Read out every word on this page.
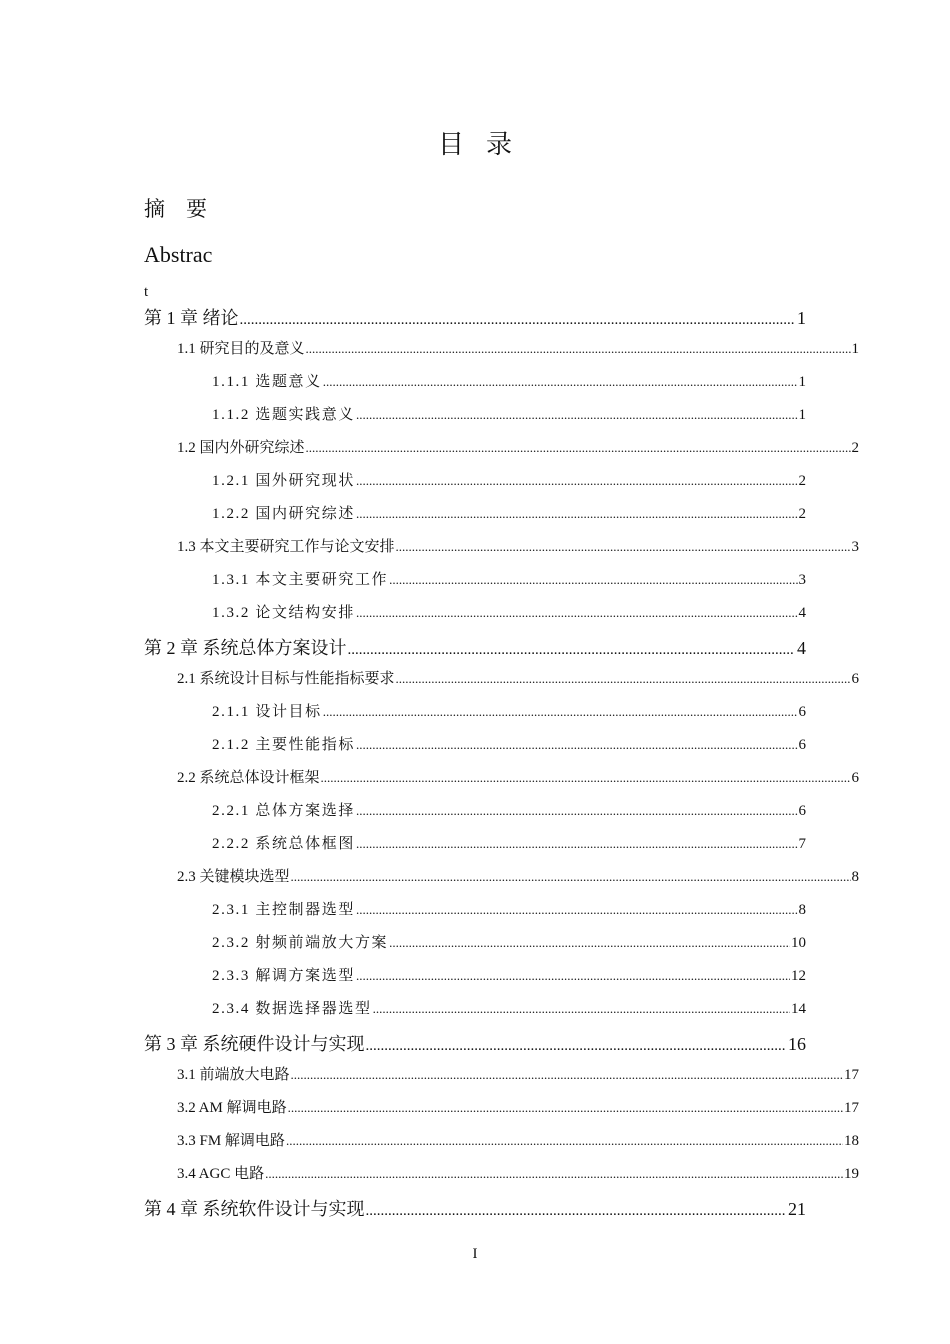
目录
摘　要
Abstrac
t
第 1 章 绪论 .....	1
1.1 研究目的及意义 .....	1
1.1.1 选题意义 .....	1
1.1.2 选题实践意义 .....	1
1.2 国内外研究综述 .....	2
1.2.1 国外研究现状 .....	2
1.2.2 国内研究综述 .....	2
1.3 本文主要研究工作与论文安排 .....	3
1.3.1 本文主要研究工作 .....	3
1.3.2 论文结构安排 .....	4
第 2 章 系统总体方案设计 .....	4
2.1 系统设计目标与性能指标要求 .....	6
2.1.1 设计目标 .....	6
2.1.2 主要性能指标 .....	6
2.2 系统总体设计框架 .....	6
2.2.1 总体方案选择 .....	6
2.2.2 系统总体框图 .....	7
2.3 关键模块选型 .....	8
2.3.1 主控制器选型 .....	8
2.3.2 射频前端放大方案 .....	10
2.3.3 解调方案选型 .....	12
2.3.4 数据选择器选型 .....	14
第 3 章 系统硬件设计与实现 .....	16
3.1 前端放大电路 .....	17
3.2 AM 解调电路 .....	17
3.3 FM 解调电路 .....	18
3.4 AGC 电路 .....	19
第 4 章 系统软件设计与实现 .....	21
I
